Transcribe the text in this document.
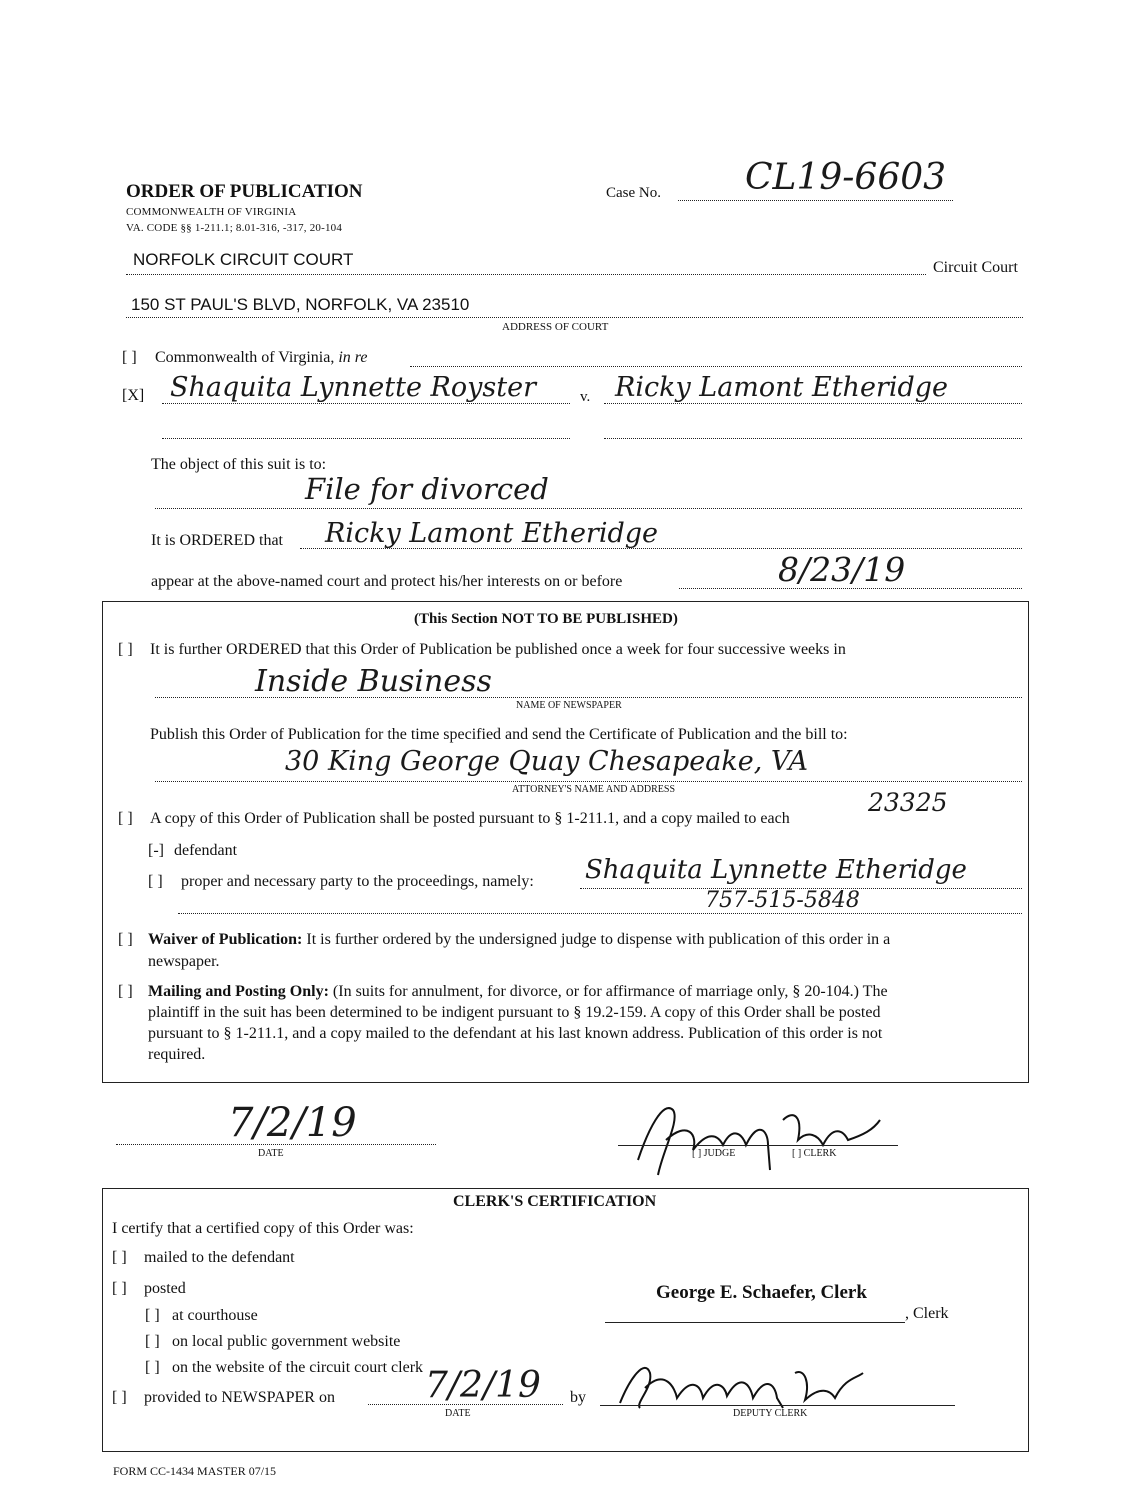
ORDER OF PUBLICATION
COMMONWEALTH OF VIRGINIA
VA. CODE §§ 1-211.1; 8.01-316, -317, 20-104
Case No. CL19-6603
NORFOLK CIRCUIT COURT	Circuit Court
150 ST PAUL'S BLVD, NORFOLK, VA 23510
ADDRESS OF COURT
[ ] Commonwealth of Virginia, in re
[X] Shaquita Lynnette Royster	v. Ricky Lamont Etheridge
The object of this suit is to:
File for divorced
It is ORDERED that Ricky Lamont Etheridge
appear at the above-named court and protect his/her interests on or before	8/23/19
(This Section NOT TO BE PUBLISHED)
[ ] It is further ORDERED that this Order of Publication be published once a week for four successive weeks in
Inside Business
NAME OF NEWSPAPER
Publish this Order of Publication for the time specified and send the Certificate of Publication and the bill to:
30 King George Quay Chesapeake, VA
ATTORNEY'S NAME AND ADDRESS	23325
[ ] A copy of this Order of Publication shall be posted pursuant to § 1-211.1, and a copy mailed to each
[-] defendant
[ ] proper and necessary party to the proceedings, namely: Shaquita Lynnette Etheridge
757-515-5848
[ ] Waiver of Publication: It is further ordered by the undersigned judge to dispense with publication of this order in a
newspaper.
[ ] Mailing and Posting Only: (In suits for annulment, for divorce, or for affirmance of marriage only, § 20-104.) The
plaintiff in the suit has been determined to be indigent pursuant to § 19.2-159. A copy of this Order shall be posted
pursuant to § 1-211.1, and a copy mailed to the defendant at his last known address. Publication of this order is not
required.
7/2/19
DATE	[ ] JUDGE	[ ] CLERK
CLERK'S CERTIFICATION
I certify that a certified copy of this Order was:
[ ] mailed to the defendant
[ ] posted
[ ] at courthouse
[ ] on local public government website
[ ] on the website of the circuit court clerk
[ ] provided to NEWSPAPER on	7/2/19
DATE
by
DEPUTY CLERK
George E. Schaefer, Clerk
, Clerk
FORM CC-1434 MASTER 07/15
